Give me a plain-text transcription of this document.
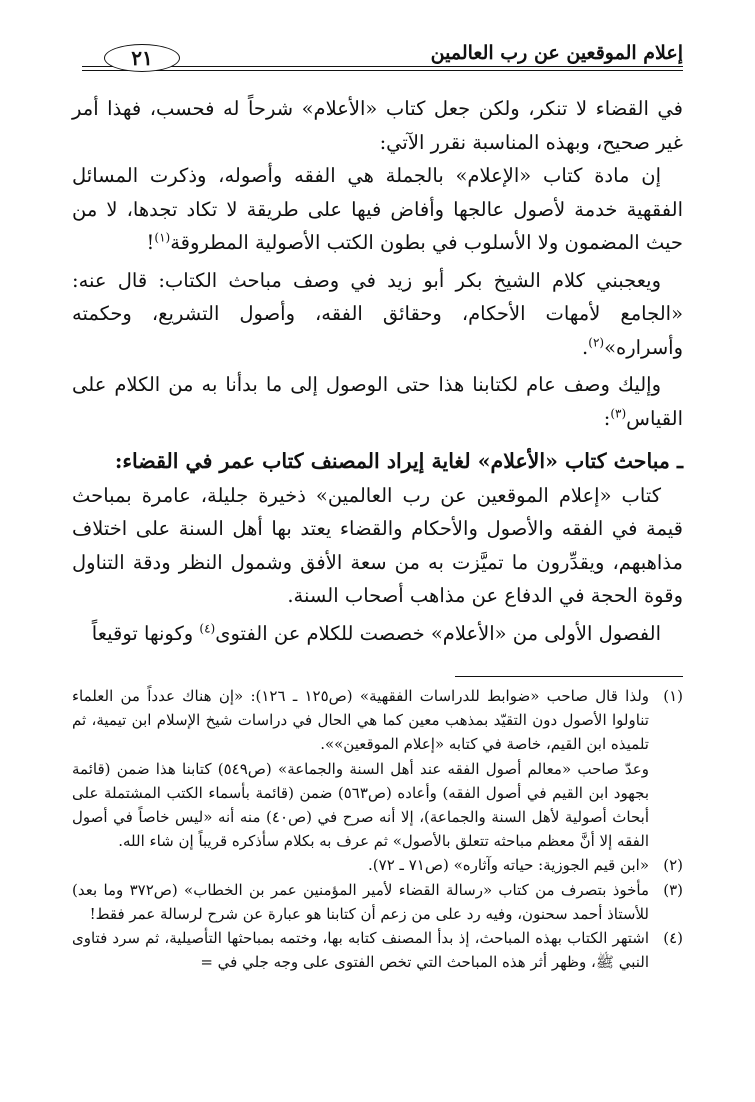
إعلام الموقعين عن رب العالمين
٢١

في القضاء لا تنكر، ولكن جعل كتاب «الأعلام» شرحاً له فحسب، فهذا أمر غير صحيح، وبهذه المناسبة نقرر الآتي:

إن مادة كتاب «الإعلام» بالجملة هي الفقه وأصوله، وذكرت المسائل الفقهية خدمة لأصول عالجها وأفاض فيها على طريقة لا تكاد تجدها، لا من حيث المضمون ولا الأسلوب في بطون الكتب الأصولية المطروقة$^{(١)}$!

ويعجبني كلام الشيخ بكر أبو زيد في وصف مباحث الكتاب: قال عنه: «الجامع لأمهات الأحكام، وحقائق الفقه، وأصول التشريع، وحكمته وأسراره»$^{(٢)}$.

وإليك وصف عام لكتابنا هذا حتى الوصول إلى ما بدأنا به من الكلام على القياس$^{(٣)}$:

ـ مباحث كتاب «الأعلام» لغاية إيراد المصنف كتاب عمر في القضاء:

كتاب «إعلام الموقعين عن رب العالمين» ذخيرة جليلة، عامرة بمباحث قيمة في الفقه والأصول والأحكام والقضاء يعتد بها أهل السنة على اختلاف مذاهبهم، ويقدِّرون ما تميَّزت به من سعة الأفق وشمول النظر ودقة التناول وقوة الحجة في الدفاع عن مذاهب أصحاب السنة.

الفصول الأولى من «الأعلام» خصصت للكلام عن الفتوى$^{(٤)}$ وكونها توقيعاً

(١)
ولذا قال صاحب «ضوابط للدراسات الفقهية» (ص١٢٥ ـ ١٢٦): «إن هناك عدداً من العلماء تناولوا الأصول دون التقيّد بمذهب معين كما هي الحال في دراسات شيخ الإسلام ابن تيمية، ثم تلميذه ابن القيم، خاصة في كتابه «إعلام الموقعين»».

وعدّ صاحب «معالم أصول الفقه عند أهل السنة والجماعة» (ص٥٤٩) كتابنا هذا ضمن (قائمة بجهود ابن القيم في أصول الفقه) وأعاده (ص٥٦٣) ضمن (قائمة بأسماء الكتب المشتملة على أبحاث أصولية لأهل السنة والجماعة)، إلا أنه صرح في (ص٤٠) منه أنه «ليس خاصاً في أصول الفقه إلا أنَّ معظم مباحثه تتعلق بالأصول» ثم عرف به بكلام سأذكره قريباً إن شاء الله.

(٢)
«ابن قيم الجوزية: حياته وآثاره» (ص٧١ ـ ٧٢).
(٣)
مأخوذ بتصرف من كتاب «رسالة القضاء لأمير المؤمنين عمر بن الخطاب» (ص٣٧٢ وما بعد) للأستاذ أحمد سحنون، وفيه رد على من زعم أن كتابنا هو عبارة عن شرح لرسالة عمر فقط!
(٤)
اشتهر الكتاب بهذه المباحث، إذ بدأ المصنف كتابه بها، وختمه بمباحثها التأصيلية، ثم سرد فتاوى النبي ﷺ، وظهر أثر هذه المباحث التي تخص الفتوى على وجه جلي في =
